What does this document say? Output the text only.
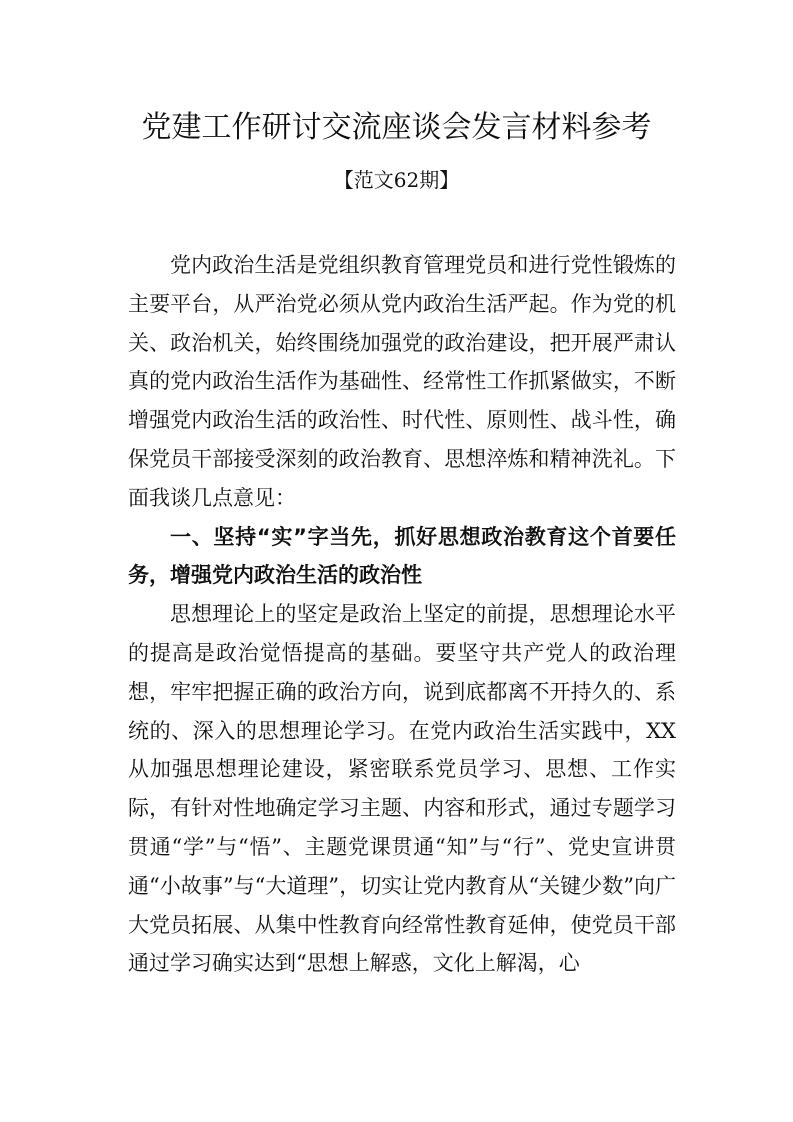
党建工作研讨交流座谈会发言材料参考
【范文62期】

党内政治生活是党组织教育管理党员和进行党性锻炼的主要平台，从严治党必须从党内政治生活严起。作为党的机关、政治机关，始终围绕加强党的政治建设，把开展严肃认真的党内政治生活作为基础性、经常性工作抓紧做实，不断增强党内政治生活的政治性、时代性、原则性、战斗性，确保党员干部接受深刻的政治教育、思想淬炼和精神洗礼。下面我谈几点意见：

一、坚持“实”字当先，抓好思想政治教育这个首要任务，增强党内政治生活的政治性

思想理论上的坚定是政治上坚定的前提，思想理论水平的提高是政治觉悟提高的基础。要坚守共产党人的政治理想，牢牢把握正确的政治方向，说到底都离不开持久的、系统的、深入的思想理论学习。在党内政治生活实践中，XX从加强思想理论建设，紧密联系党员学习、思想、工作实际，有针对性地确定学习主题、内容和形式，通过专题学习贯通“学”与“悟”、主题党课贯通“知”与“行”、党史宣讲贯通“小故事”与“大道理”，切实让党内教育从“关键少数”向广大党员拓展、从集中性教育向经常性教育延伸，使党员干部通过学习确实达到“思想上解惑，文化上解渴，心
